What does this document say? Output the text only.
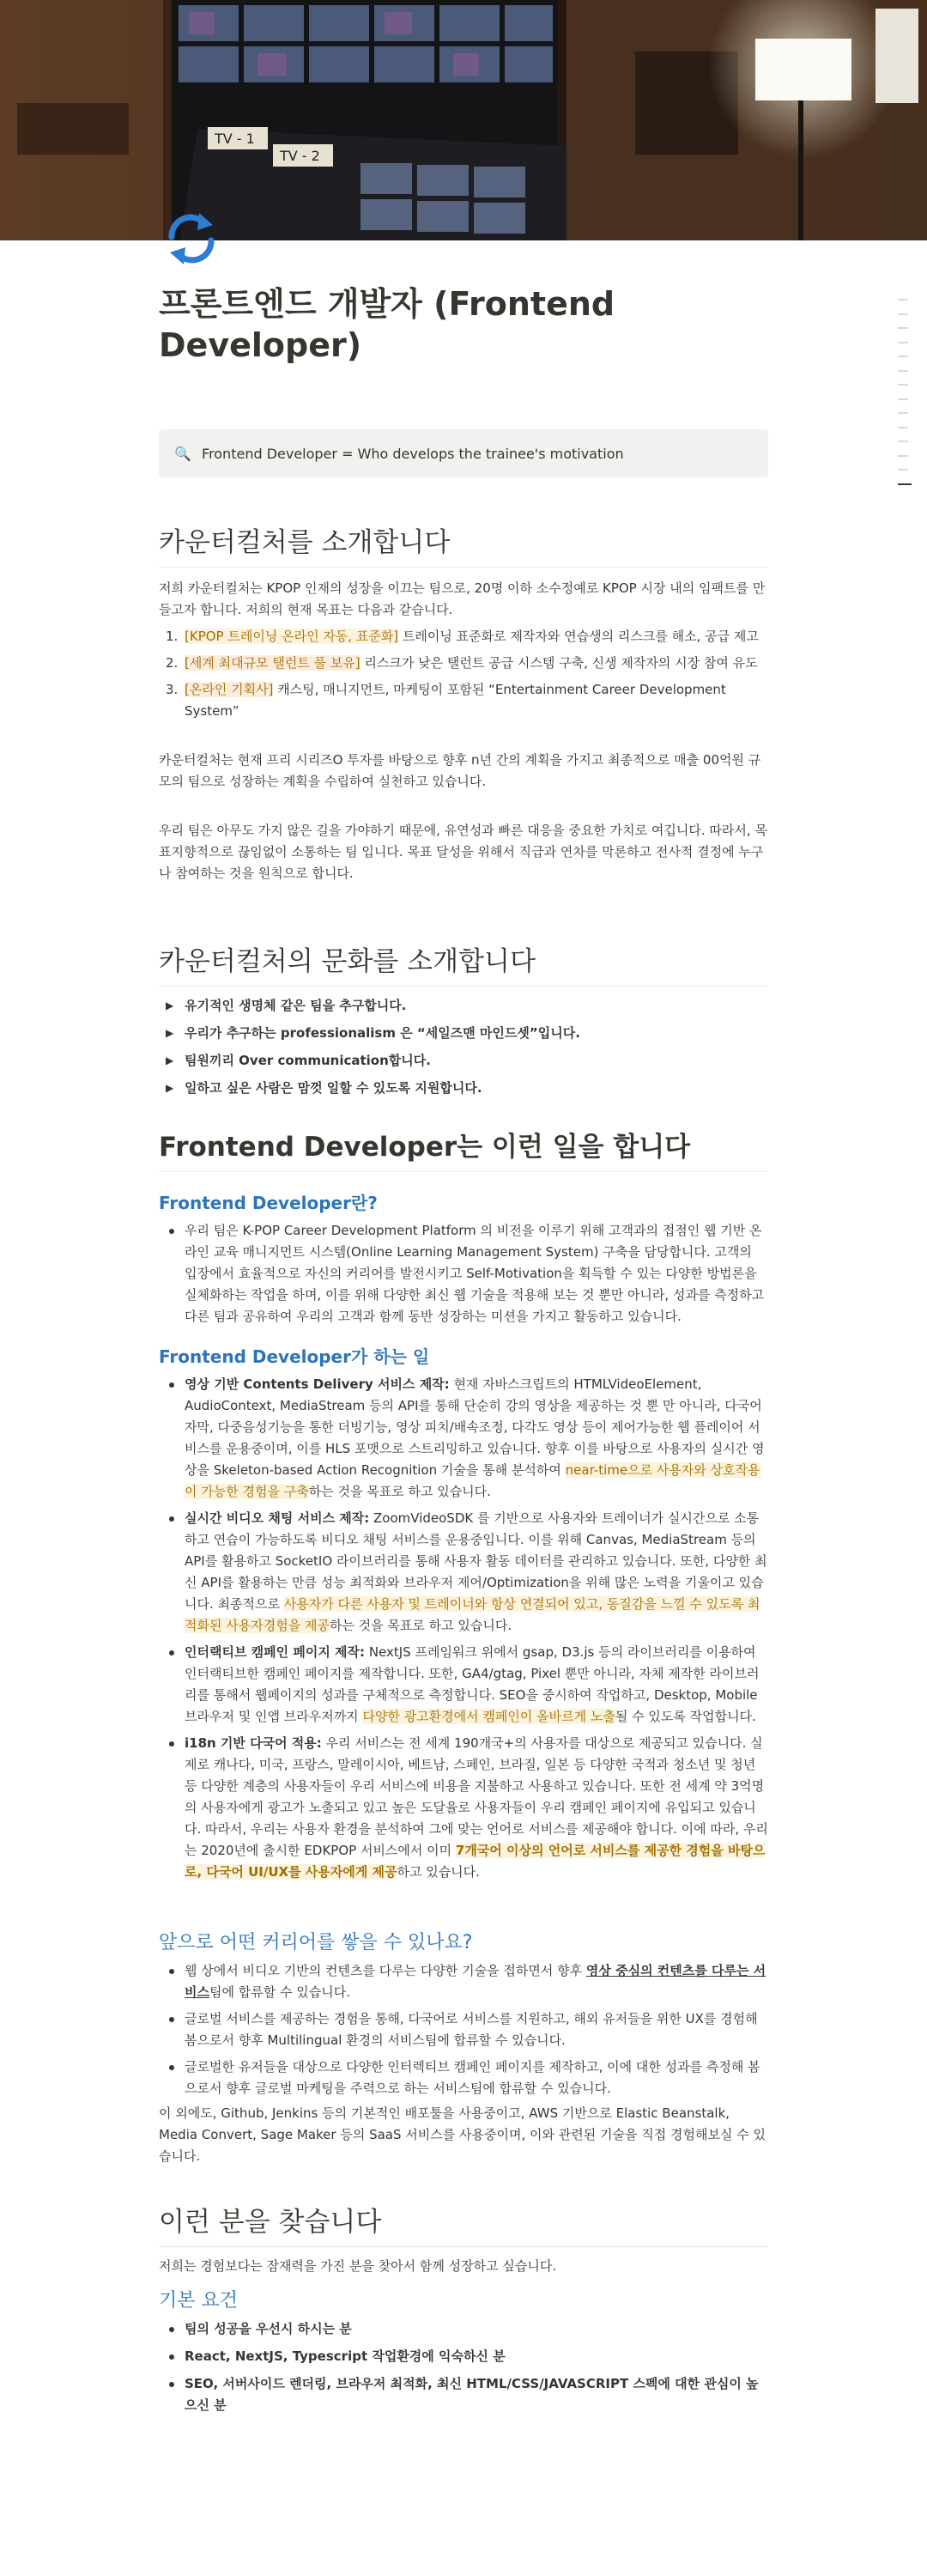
TV - 1
TV - 2
프론트엔드 개발자 (Frontend Developer)
🔍 Frontend Developer = Who develops the trainee's motivation
카운터컬처를 소개합니다

저희 카운터컬처는 KPOP 인재의 성장을 이끄는 팀으로, 20명 이하 소수정예로 KPOP 시장 내의 임팩트를 만들고자 합니다. 저희의 현재 목표는 다음과 같습니다.

1. [KPOP 트레이닝 온라인 자동, 표준화] 트레이닝 표준화로 제작자와 연습생의 리스크를 해소, 공급 제고
2. [세계 최대규모 탤런트 풀 보유] 리스크가 낮은 탤런트 공급 시스템 구축, 신생 제작자의 시장 참여 유도
3. [온라인 기획사] 캐스팅, 매니지먼트, 마케팅이 포함된 “Entertainment Career Development System”

카운터컬처는 현재 프리 시리즈O 투자를 바탕으로 향후 n년 간의 계획을 가지고 최종적으로 매출 00억원 규모의 팀으로 성장하는 계획을 수립하여 실천하고 있습니다.

우리 팀은 아무도 가지 않은 길을 가야하기 때문에, 유연성과 빠른 대응을 중요한 가치로 여깁니다. 따라서, 목표지향적으로 끊임없이 소통하는 팀 입니다. 목표 달성을 위해서 직급과 연차를 막론하고 전사적 결정에 누구나 참여하는 것을 원칙으로 합니다.

카운터컬처의 문화를 소개합니다
▶ 유기적인 생명체 같은 팀을 추구합니다.
▶ 우리가 추구하는 professionalism 은 “세일즈맨 마인드셋”입니다.
▶ 팀원끼리 Over communication합니다.
▶ 일하고 싶은 사람은 맘껏 일할 수 있도록 지원합니다.
Frontend Developer는 이런 일을 합니다
Frontend Developer란?
우리 팀은 K-POP Career Development Platform 의 비전을 이루기 위해 고객과의 접점인 웹 기반 온라인 교육 매니지먼트 시스템(Online Learning Management System) 구축을 담당합니다. 고객의 입장에서 효율적으로 자신의 커리어를 발전시키고 Self-Motivation을 획득할 수 있는 다양한 방법론을 실체화하는 작업을 하며, 이를 위해 다양한 최신 웹 기술을 적용해 보는 것 뿐만 아니라, 성과를 측정하고 다른 팀과 공유하여 우리의 고객과 함께 동반 성장하는 미션을 가지고 활동하고 있습니다.
Frontend Developer가 하는 일
영상 기반 Contents Delivery 서비스 제작: 현재 자바스크립트의 HTMLVideoElement, AudioContext, MediaStream 등의 API를 통해 단순히 강의 영상을 제공하는 것 뿐 만 아니라, 다국어 자막, 다중음성기능을 통한 더빙기능, 영상 피치/배속조정, 다각도 영상 등이 제어가능한 웹 플레이어 서비스를 운용중이며, 이를 HLS 포맷으로 스트리밍하고 있습니다. 향후 이를 바탕으로 사용자의 실시간 영상을 Skeleton-based Action Recognition 기술을 통해 분석하여 near-time으로 사용자와 상호작용이 가능한 경험을 구축하는 것을 목표로 하고 있습니다.
실시간 비디오 채팅 서비스 제작: ZoomVideoSDK 를 기반으로 사용자와 트레이너가 실시간으로 소통하고 연습이 가능하도록 비디오 채팅 서비스를 운용중입니다. 이를 위해 Canvas, MediaStream 등의 API를 활용하고 SocketIO 라이브러리를 통해 사용자 활동 데이터를 관리하고 있습니다. 또한, 다양한 최신 API를 활용하는 만큼 성능 최적화와 브라우저 제어/Optimization을 위해 많은 노력을 기울이고 있습니다. 최종적으로 사용자가 다른 사용자 및 트레이너와 항상 연결되어 있고, 동질감을 느낄 수 있도록 최적화된 사용자경험을 제공하는 것을 목표로 하고 있습니다.
인터랙티브 캠페인 페이지 제작: NextJS 프레임워크 위에서 gsap, D3.js 등의 라이브러리를 이용하여 인터랙티브한 캠페인 페이지를 제작합니다. 또한, GA4/gtag, Pixel 뿐만 아니라, 자체 제작한 라이브러리를 통해서 웹페이지의 성과를 구체적으로 측정합니다. SEO을 중시하여 작업하고, Desktop, Mobile 브라우저 및 인앱 브라우저까지 다양한 광고환경에서 캠페인이 올바르게 노출될 수 있도록 작업합니다.
i18n 기반 다국어 적용: 우리 서비스는 전 세계 190개국+의 사용자를 대상으로 제공되고 있습니다. 실제로 캐나다, 미국, 프랑스, 말레이시아, 베트남, 스페인, 브라질, 일본 등 다양한 국적과 청소년 및 청년 등 다양한 계층의 사용자들이 우리 서비스에 비용을 지불하고 사용하고 있습니다. 또한 전 세계 약 3억명의 사용자에게 광고가 노출되고 있고 높은 도달율로 사용자들이 우리 캠페인 페이지에 유입되고 있습니다. 따라서, 우리는 사용자 환경을 분석하여 그에 맞는 언어로 서비스를 제공해야 합니다. 이에 따라, 우리는 2020년에 출시한 EDKPOP 서비스에서 이미 7개국어 이상의 언어로 서비스를 제공한 경험을 바탕으로, 다국어 UI/UX를 사용자에게 제공하고 있습니다.
앞으로 어떤 커리어를 쌓을 수 있나요?
웹 상에서 비디오 기반의 컨텐츠를 다루는 다양한 기술을 접하면서 향후 영상 중심의 컨텐츠를 다루는 서비스팀에 합류할 수 있습니다.
글로벌 서비스를 제공하는 경험을 통해, 다국어로 서비스를 지원하고, 해외 유저들을 위한 UX를 경험해 봄으로서 향후 Multilingual 환경의 서비스팀에 합류할 수 있습니다.
글로벌한 유저들을 대상으로 다양한 인터렉티브 캠페인 페이지를 제작하고, 이에 대한 성과를 측정해 봄으로서 향후 글로벌 마케팅을 주력으로 하는 서비스팀에 합류할 수 있습니다.

이 외에도, Github, Jenkins 등의 기본적인 배포툴을 사용중이고, AWS 기반으로 Elastic Beanstalk, Media Convert, Sage Maker 등의 SaaS 서비스를 사용중이며, 이와 관련된 기술을 직접 경험해보실 수 있습니다.

이런 분을 찾습니다

저희는 경험보다는 잠재력을 가진 분을 찾아서 함께 성장하고 싶습니다.

기본 요건
팀의 성공을 우선시 하시는 분
React, NextJS, Typescript 작업환경에 익숙하신 분
SEO, 서버사이드 렌더링, 브라우저 최적화, 최신 HTML/CSS/JAVASCRIPT 스펙에 대한 관심이 높으신 분
